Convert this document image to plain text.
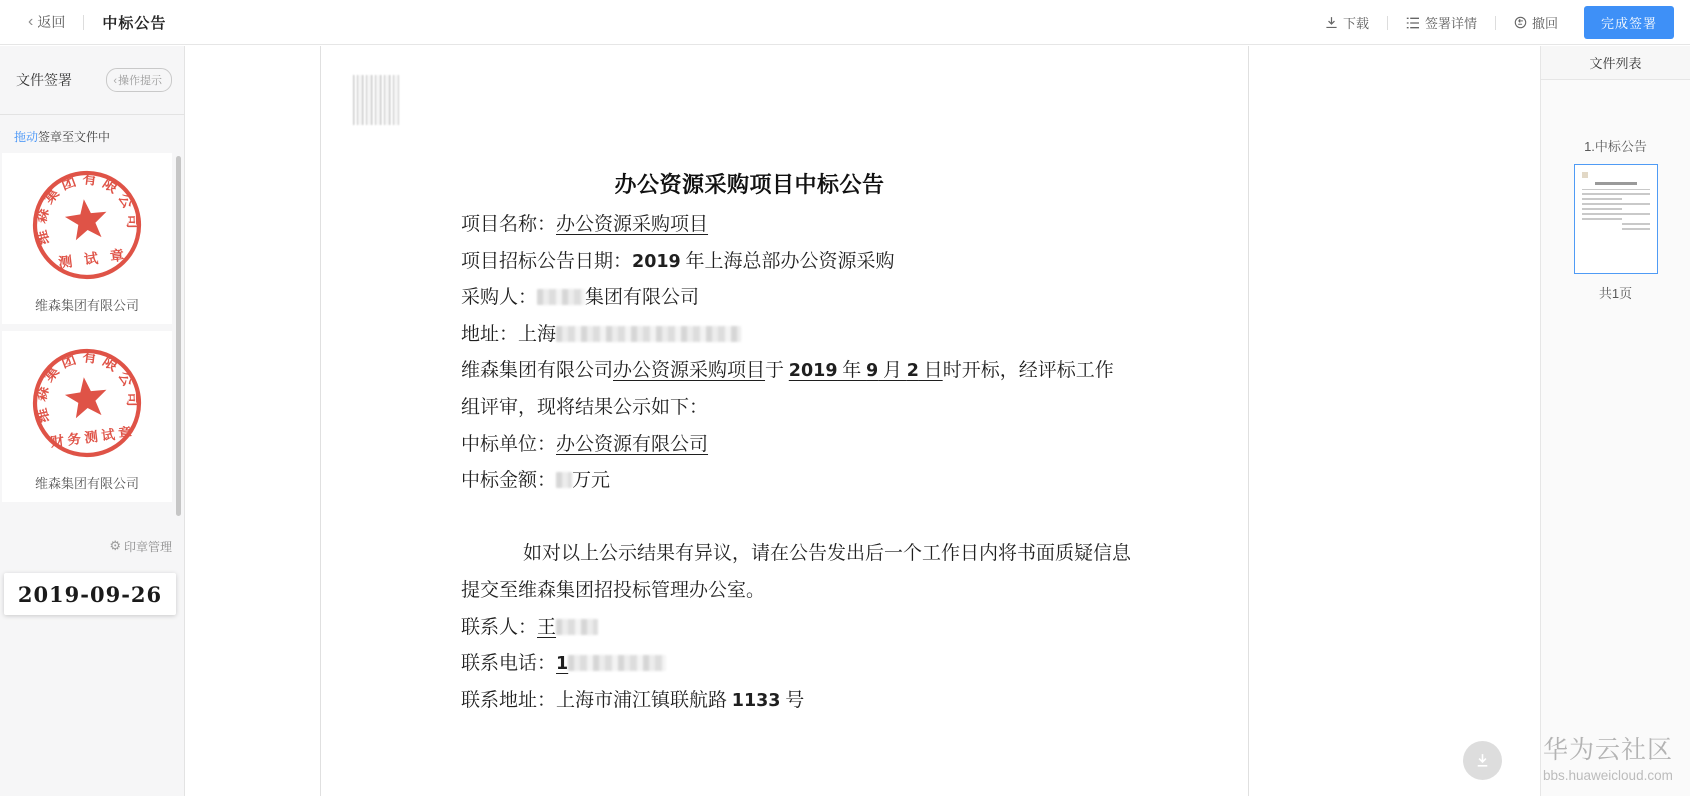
‹ 返回 中标公告	下载	签署详情	撤回	完成签署
文件签署	‹操作提示
拖动签章至文件中
维森集团有限公司
测试章
维森集团有限公司
维森集团有限公司
财务测试章
维森集团有限公司
⚙ 印章管理
2019-09-26
办公资源采购项目中标公告
项目名称：办公资源采购项目
项目招标公告日期：2019 年上海总部办公资源采购
采购人：	集团有限公司
地址：上海
维森集团有限公司办公资源采购项目于 2019 年 9 月 2 日时开标，经评标工作
组评审，现将结果公示如下：
中标单位：办公资源有限公司
中标金额： 万元
如对以上公示结果有异议，请在公告发出后一个工作日内将书面质疑信息
提交至维森集团招投标管理办公室。
联系人：王
联系电话：1
联系地址：上海市浦江镇联航路 1133 号
文件列表
1.中标公告
共1页
华为云社区
bbs.huaweicloud.com
